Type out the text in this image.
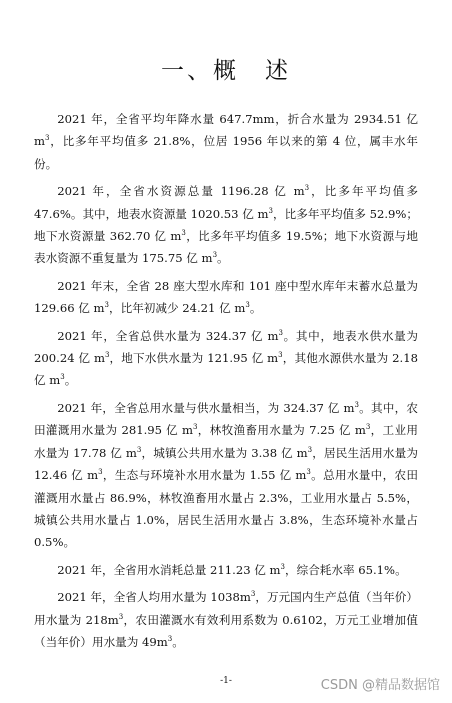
一、概　述

2021 年，全省平均年降水量 647.7mm，折合水量为 2934.51 亿 $m^3$，比多年平均值多 21.8%，位居 1956 年以来的第 4 位，属丰水年份。

2021 年，全省水资源总量 1196.28 亿 $m^3$，比多年平均值多 47.6%。其中，地表水资源量 1020.53 亿 $m^3$，比多年平均值多 52.9%；地下水资源量 362.70 亿 $m^3$，比多年平均值多 19.5%；地下水资源与地表水资源不重复量为 175.75 亿 $m^3$。

2021 年末，全省 28 座大型水库和 101 座中型水库年末蓄水总量为 129.66 亿 $m^3$，比年初减少 24.21 亿 $m^3$。

2021 年，全省总供水量为 324.37 亿 $m^3$。其中，地表水供水量为 200.24 亿 $m^3$，地下水供水量为 121.95 亿 $m^3$，其他水源供水量为 2.18 亿 $m^3$。

2021 年，全省总用水量与供水量相当，为 324.37 亿 $m^3$。其中，农田灌溉用水量为 281.95 亿 $m^3$，林牧渔畜用水量为 7.25 亿 $m^3$，工业用水量为 17.78 亿 $m^3$，城镇公共用水量为 3.38 亿 $m^3$，居民生活用水量为 12.46 亿 $m^3$，生态与环境补水用水量为 1.55 亿 $m^3$。总用水量中，农田灌溉用水量占 86.9%，林牧渔畜用水量占 2.3%，工业用水量占 5.5%，城镇公共用水量占 1.0%，居民生活用水量占 3.8%，生态环境补水量占 0.5%。

2021 年，全省用水消耗总量 211.23 亿 $m^3$，综合耗水率 65.1%。

2021 年，全省人均用水量为 $1038m^3$，万元国内生产总值（当年价）用水量为 $218m^3$，农田灌溉水有效利用系数为 0.6102，万元工业增加值（当年价）用水量为 $49m^3$。

-1-	CSDN @精品数据馆
